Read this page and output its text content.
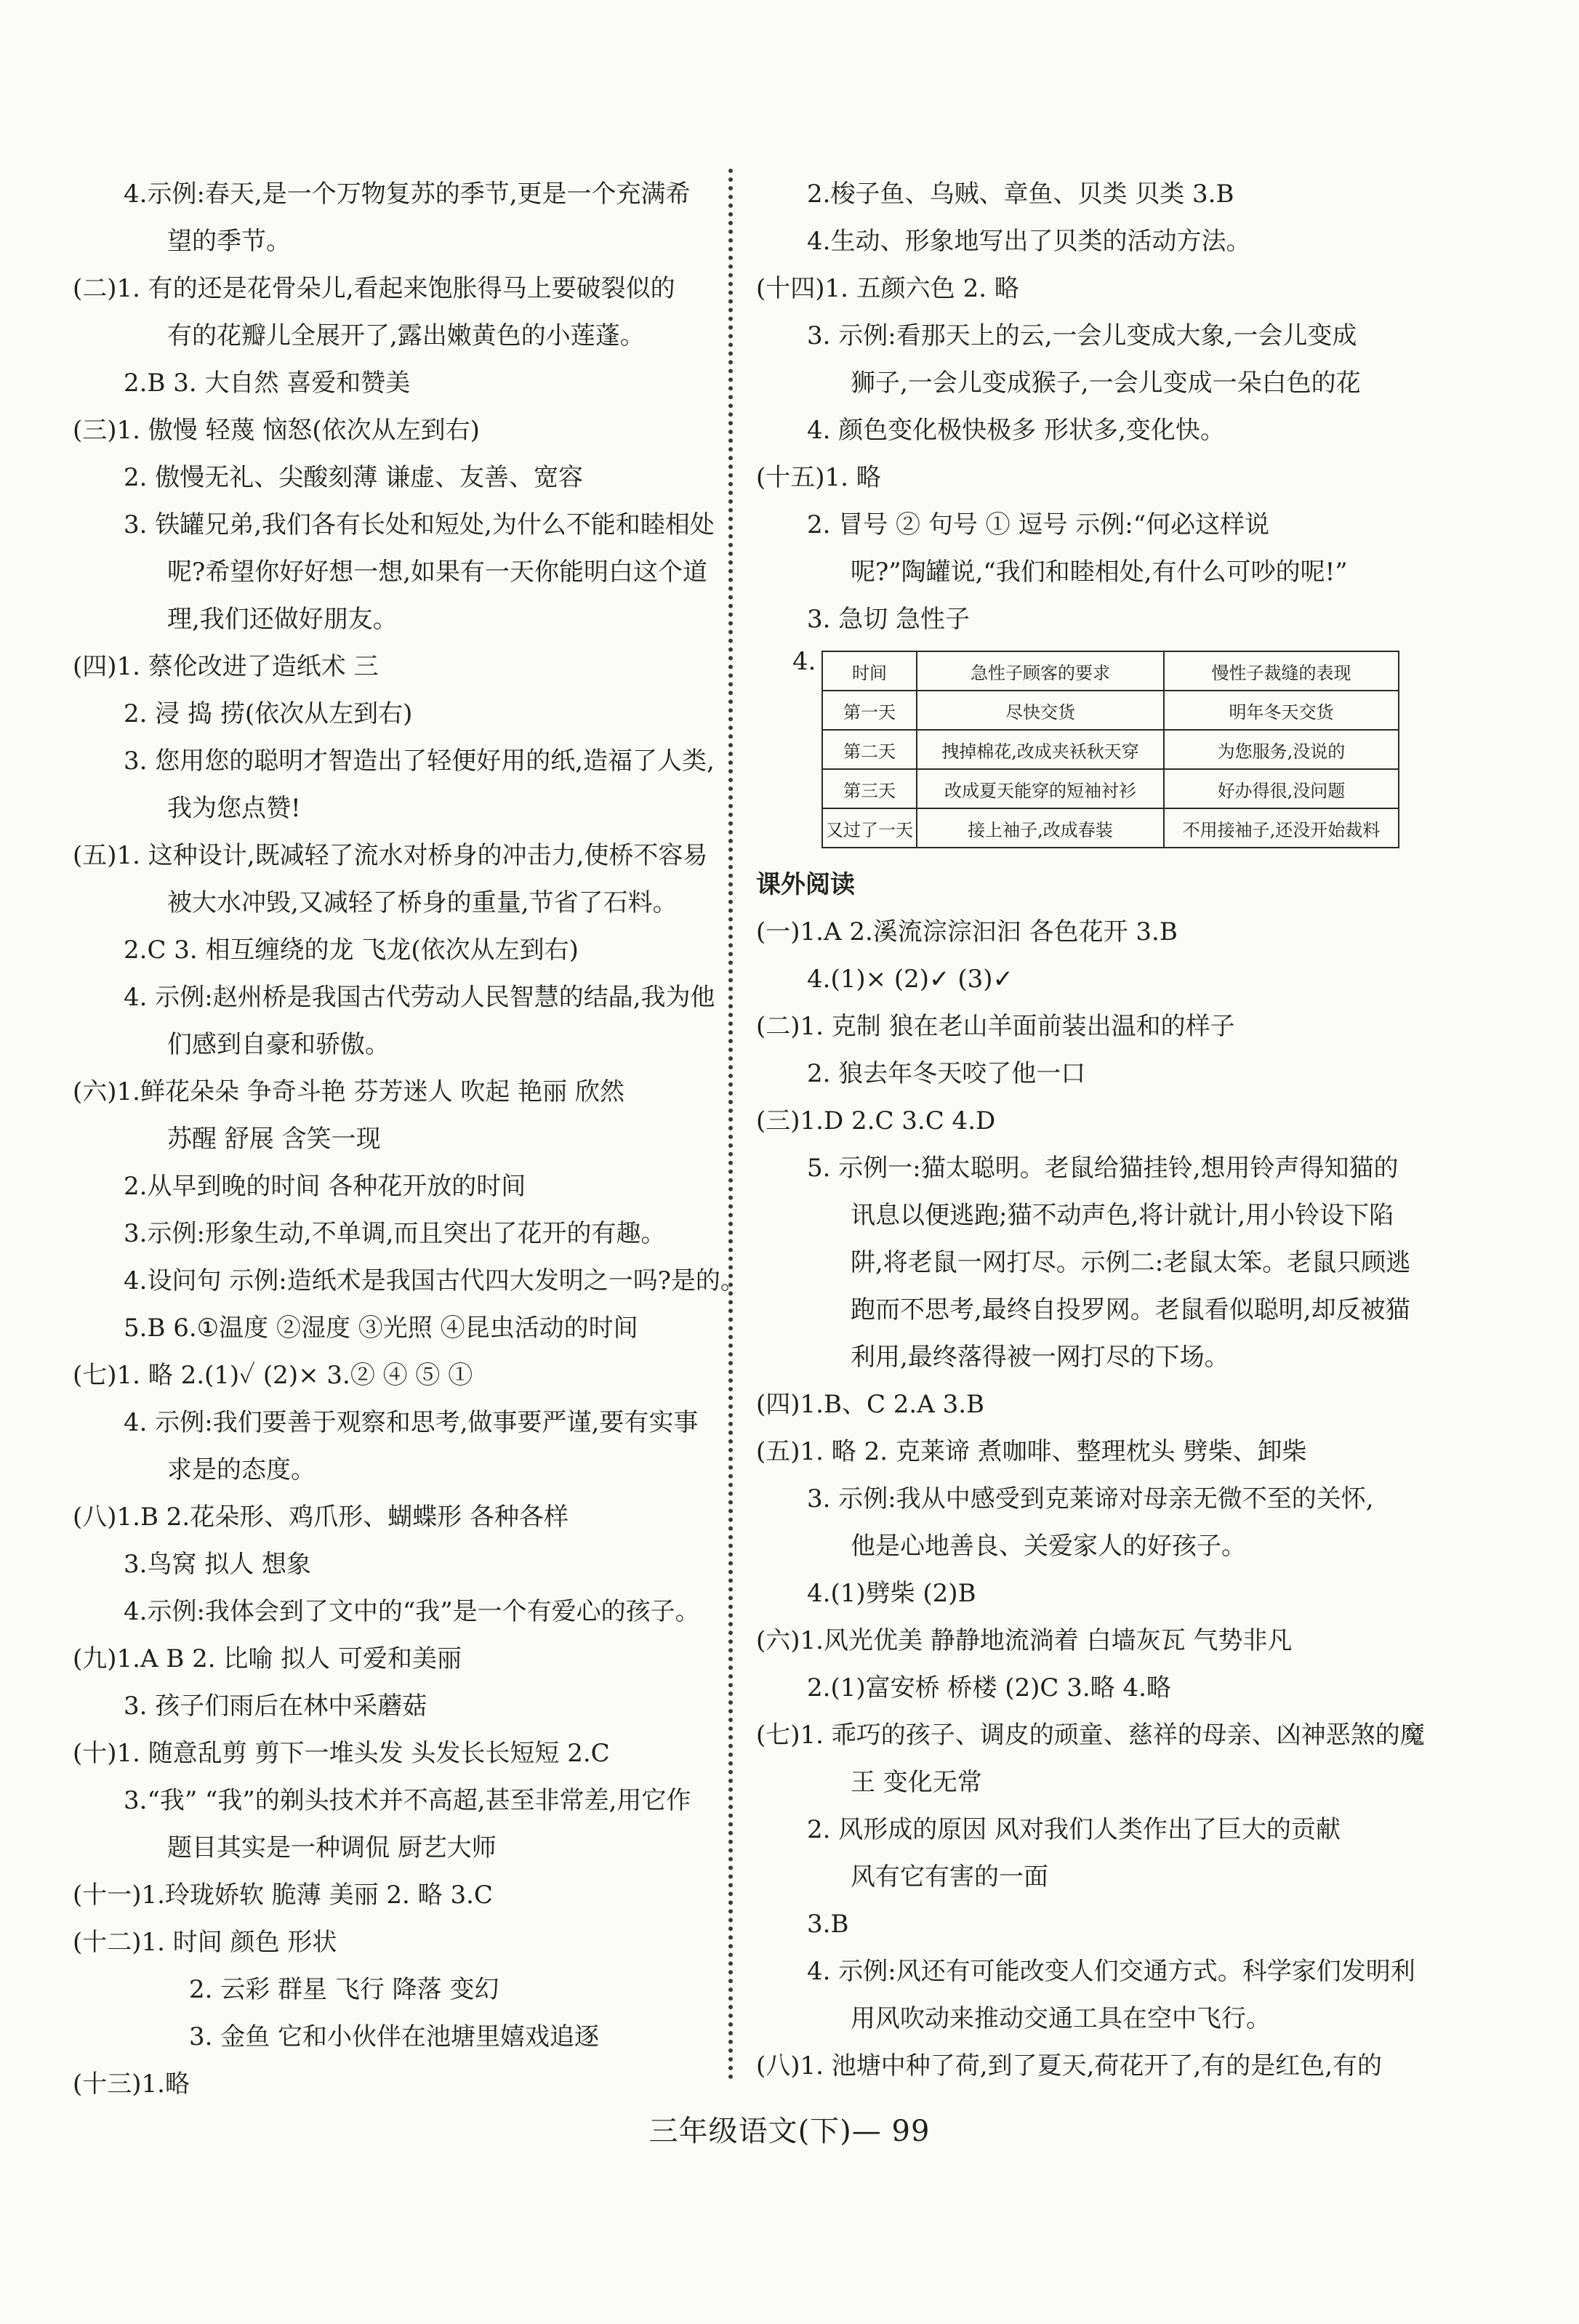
4.示例:春天,是一个万物复苏的季节,更是一个充满希
望的季节。
(二)1. 有的还是花骨朵儿,看起来饱胀得马上要破裂似的
有的花瓣儿全展开了,露出嫩黄色的小莲蓬。
2.B 3. 大自然 喜爱和赞美
(三)1. 傲慢 轻蔑 恼怒(依次从左到右)
2. 傲慢无礼、尖酸刻薄 谦虚、友善、宽容
3. 铁罐兄弟,我们各有长处和短处,为什么不能和睦相处
呢?希望你好好想一想,如果有一天你能明白这个道
理,我们还做好朋友。
(四)1. 蔡伦改进了造纸术 三
2. 浸 捣 捞(依次从左到右)
3. 您用您的聪明才智造出了轻便好用的纸,造福了人类,
我为您点赞!
(五)1. 这种设计,既减轻了流水对桥身的冲击力,使桥不容易
被大水冲毁,又减轻了桥身的重量,节省了石料。
2.C 3. 相互缠绕的龙 飞龙(依次从左到右)
4. 示例:赵州桥是我国古代劳动人民智慧的结晶,我为他
们感到自豪和骄傲。
(六)1.鲜花朵朵 争奇斗艳 芬芳迷人 吹起 艳丽 欣然
苏醒 舒展 含笑一现
2.从早到晚的时间 各种花开放的时间
3.示例:形象生动,不单调,而且突出了花开的有趣。
4.设问句 示例:造纸术是我国古代四大发明之一吗?是的。
5.B 6.①温度 ②湿度 ③光照 ④昆虫活动的时间
(七)1. 略 2.(1)✓ (2)× 3.② ④ ⑤ ①
4. 示例:我们要善于观察和思考,做事要严谨,要有实事
求是的态度。
(八)1.B 2.花朵形、鸡爪形、蝴蝶形 各种各样
3.鸟窝 拟人 想象
4.示例:我体会到了文中的“我”是一个有爱心的孩子。
(九)1.A B 2. 比喻 拟人 可爱和美丽
3. 孩子们雨后在林中采蘑菇
(十)1. 随意乱剪 剪下一堆头发 头发长长短短 2.C
3.“我” “我”的剃头技术并不高超,甚至非常差,用它作
题目其实是一种调侃 厨艺大师
(十一)1.玲珑娇软 脆薄 美丽 2. 略 3.C
(十二)1. 时间 颜色 形状
2. 云彩 群星 飞行 降落 变幻
3. 金鱼 它和小伙伴在池塘里嬉戏追逐
(十三)1.略
2.梭子鱼、乌贼、章鱼、贝类 贝类 3.B
4.生动、形象地写出了贝类的活动方法。
(十四)1. 五颜六色 2. 略
3. 示例:看那天上的云,一会儿变成大象,一会儿变成
狮子,一会儿变成猴子,一会儿变成一朵白色的花
4. 颜色变化极快极多 形状多,变化快。
(十五)1. 略
2. 冒号 ② 句号 ① 逗号 示例:“何必这样说
呢?”陶罐说,“我们和睦相处,有什么可吵的呢!”
3. 急切 急性子
4. 时间	急性子顾客的要求	慢性子裁缝的表现
第一天	尽快交货	明年冬天交货
第二天	拽掉棉花,改成夹袄秋天穿	为您服务,没说的
第三天	改成夏天能穿的短袖衬衫	好办得很,没问题
又过了一天	接上袖子,改成春装	不用接袖子,还没开始裁料
课外阅读
(一)1.A 2.溪流淙淙汩汩 各色花开 3.B
4.(1)× (2)✓ (3)✓
(二)1. 克制 狼在老山羊面前装出温和的样子
2. 狼去年冬天咬了他一口
(三)1.D 2.C 3.C 4.D
5. 示例一:猫太聪明。老鼠给猫挂铃,想用铃声得知猫的
讯息以便逃跑;猫不动声色,将计就计,用小铃设下陷
阱,将老鼠一网打尽。示例二:老鼠太笨。老鼠只顾逃
跑而不思考,最终自投罗网。老鼠看似聪明,却反被猫
利用,最终落得被一网打尽的下场。
(四)1.B、C 2.A 3.B
(五)1. 略 2. 克莱谛 煮咖啡、整理枕头 劈柴、卸柴
3. 示例:我从中感受到克莱谛对母亲无微不至的关怀,
他是心地善良、关爱家人的好孩子。
4.(1)劈柴 (2)B
(六)1.风光优美 静静地流淌着 白墙灰瓦 气势非凡
2.(1)富安桥 桥楼 (2)C 3.略 4.略
(七)1. 乖巧的孩子、调皮的顽童、慈祥的母亲、凶神恶煞的魔
王 变化无常
2. 风形成的原因 风对我们人类作出了巨大的贡献
风有它有害的一面
3.B
4. 示例:风还有可能改变人们交通方式。科学家们发明利
用风吹动来推动交通工具在空中飞行。
(八)1. 池塘中种了荷,到了夏天,荷花开了,有的是红色,有的
三年级语文(下)— 99
